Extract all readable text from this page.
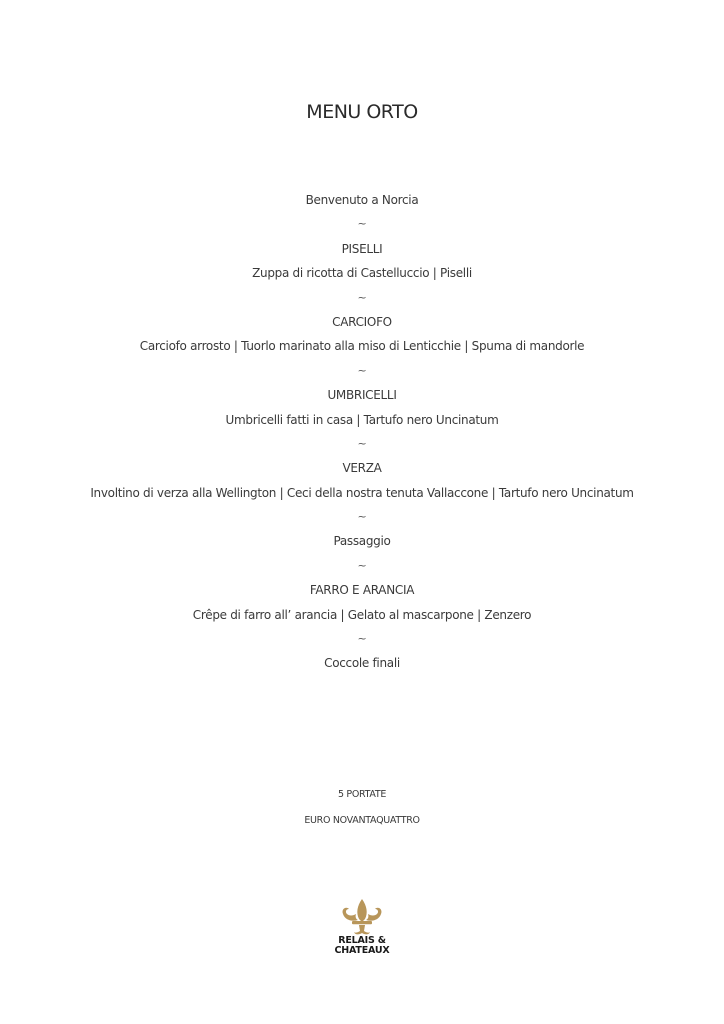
MENU ORTO
Benvenuto a Norcia
~
PISELLI
Zuppa di ricotta di Castelluccio | Piselli
~
CARCIOFO
Carciofo arrosto | Tuorlo marinato alla miso di Lenticchie | Spuma di mandorle
~
UMBRICELLI
Umbricelli fatti in casa | Tartufo nero Uncinatum
~
VERZA
Involtino di verza alla Wellington | Ceci della nostra tenuta Vallaccone | Tartufo nero Uncinatum
~
Passaggio
~
FARRO E ARANCIA
Crêpe di farro all’ arancia | Gelato al mascarpone | Zenzero
~
Coccole finali
5 PORTATE
EURO NOVANTAQUATTRO
RELAIS &
CHATEAUX
